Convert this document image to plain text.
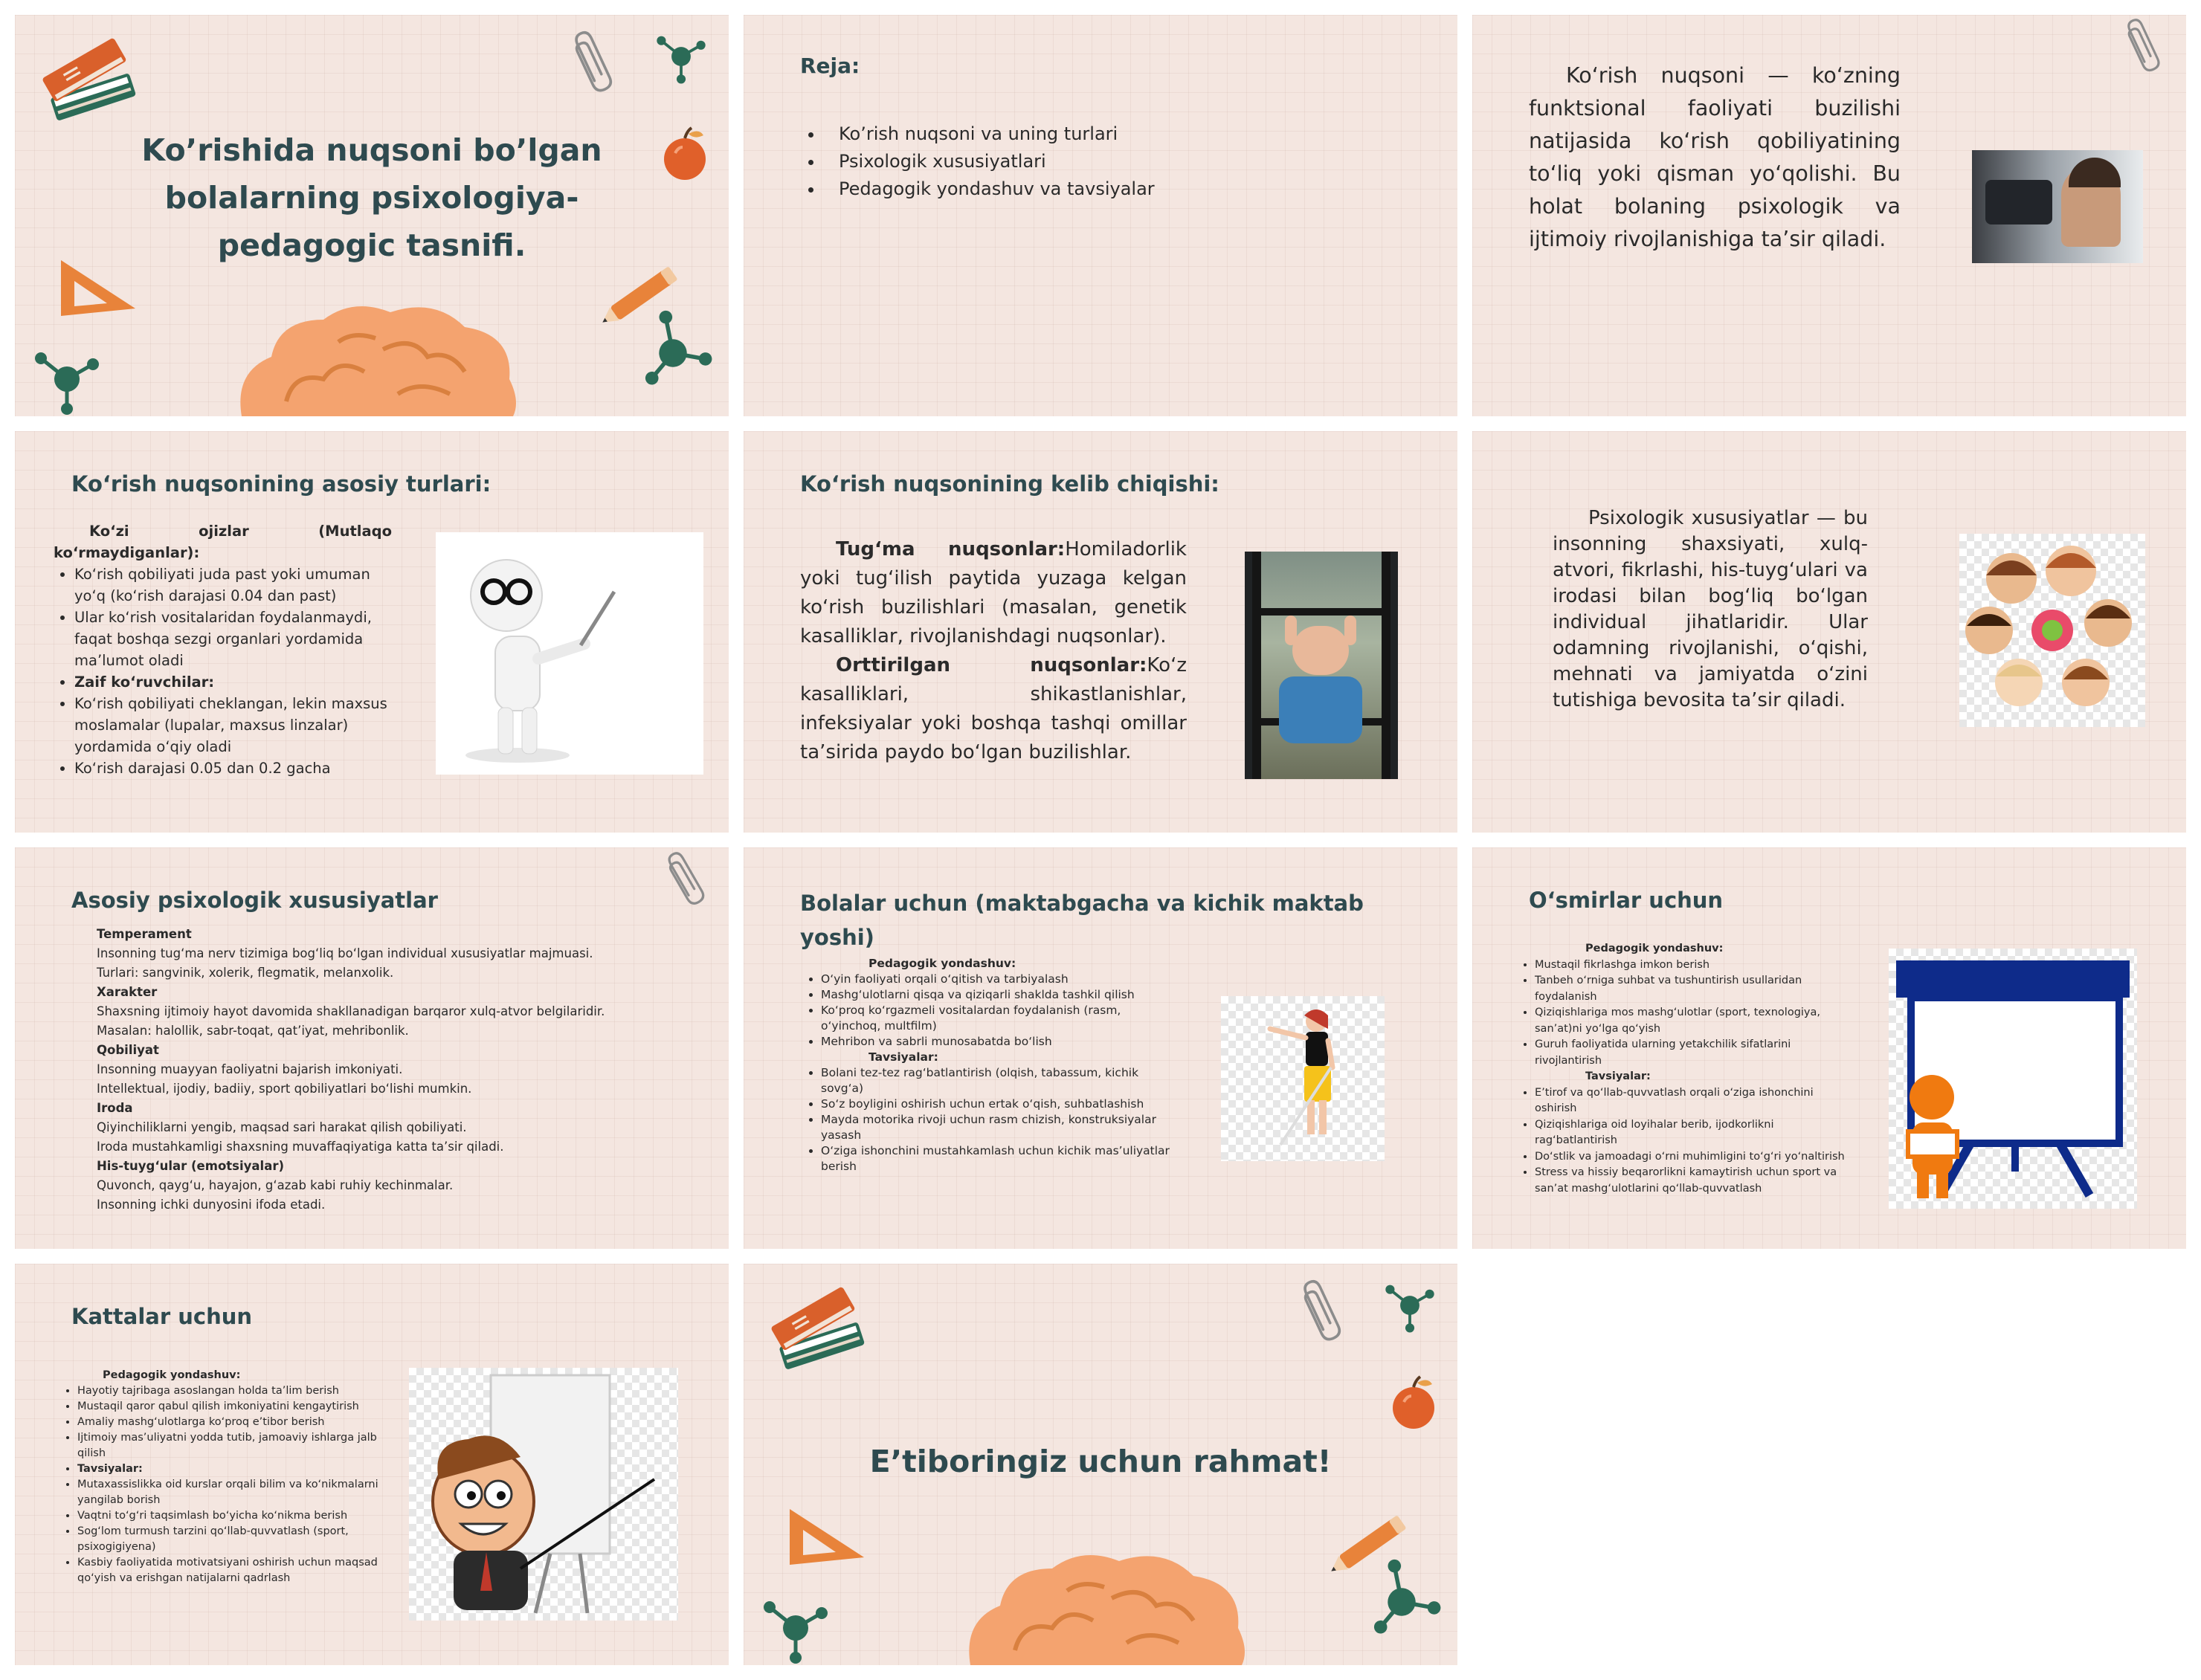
Ko’rishida nuqsoni bo’lgan
bolalarning psixologiya-
pedagogic tasnifi.
Reja:
• Ko’rish nuqsoni va uning turlari
• Psixologik xususiyatlari
• Pedagogik yondashuv va tavsiyalar
Ko‘rish nuqsoni — ko‘zning funktsional faoliyati buzilishi natijasida ko‘rish qobiliyatining to‘liq yoki qisman yo‘qolishi. Bu holat bolaning psixologik va ijtimoiy rivojlanishiga ta’sir qiladi.
Ko‘rish nuqsonining asosiy turlari:
Ko‘zi ojizlar (Mutlaqo ko‘rmaydiganlar):
• Ko‘rish qobiliyati juda past yoki umuman yo‘q (ko‘rish darajasi 0.04 dan past)
• Ular ko‘rish vositalaridan foydalanmaydi, faqat boshqa sezgi organlari yordamida ma’lumot oladi
• Zaif ko‘ruvchilar:
• Ko‘rish qobiliyati cheklangan, lekin maxsus moslamalar (lupalar, maxsus linzalar) yordamida o‘qiy oladi
• Ko‘rish darajasi 0.05 dan 0.2 gacha
Ko‘rish nuqsonining kelib chiqishi:
Tug‘ma nuqsonlar:Homiladorlik yoki tug‘ilish paytida yuzaga kelgan ko‘rish buzilishlari (masalan, genetik kasalliklar, rivojlanishdagi nuqsonlar).
Orttirilgan nuqsonlar:Ko‘z kasalliklari, shikastlanishlar, infeksiyalar yoki boshqa tashqi omillar ta’sirida paydo bo‘lgan buzilishlar.
Psixologik xususiyatlar — bu insonning shaxsiyati, xulq-atvori, fikrlashi, his-tuyg‘ulari va irodasi bilan bog‘liq bo‘lgan individual jihatlaridir. Ular odamning rivojlanishi, o‘qishi, mehnati va jamiyatda o‘zini tutishiga bevosita ta’sir qiladi.
Asosiy psixologik xususiyatlar
Temperament
Insonning tug‘ma nerv tizimiga bog‘liq bo‘lgan individual xususiyatlar majmuasi.
Turlari: sangvinik, xolerik, flegmatik, melanxolik.
Xarakter
Shaxsning ijtimoiy hayot davomida shakllanadigan barqaror xulq-atvor belgilaridir.
Masalan: halollik, sabr-toqat, qat’iyat, mehribonlik.
Qobiliyat
Insonning muayyan faoliyatni bajarish imkoniyati.
Intellektual, ijodiy, badiiy, sport qobiliyatlari bo‘lishi mumkin.
Iroda
Qiyinchiliklarni yengib, maqsad sari harakat qilish qobiliyati.
Iroda mustahkamligi shaxsning muvaffaqiyatiga katta ta’sir qiladi.
His-tuyg‘ular (emotsiyalar)
Quvonch, qayg‘u, hayajon, g‘azab kabi ruhiy kechinmalar.
Insonning ichki dunyosini ifoda etadi.
Bolalar uchun (maktabgacha va kichik maktab yoshi)
Pedagogik yondashuv:
• O‘yin faoliyati orqali o‘qitish va tarbiyalash
• Mashg‘ulotlarni qisqa va qiziqarli shaklda tashkil qilish
• Ko‘proq ko‘rgazmeli vositalardan foydalanish (rasm, o‘yinchoq, multfilm)
• Mehribon va sabrli munosabatda bo‘lish
Tavsiyalar:
• Bolani tez-tez rag‘batlantirish (olqish, tabassum, kichik sovg‘a)
• So‘z boyligini oshirish uchun ertak o‘qish, suhbatlashish
• Mayda motorika rivoji uchun rasm chizish, konstruksiyalar yasash
• O‘ziga ishonchini mustahkamlash uchun kichik mas’uliyatlar berish
O‘smirlar uchun
Pedagogik yondashuv:
• Mustaqil fikrlashga imkon berish
• Tanbeh o‘rniga suhbat va tushuntirish usullaridan foydalanish
• Qiziqishlariga mos mashg‘ulotlar (sport, texnologiya, san’at)ni yo‘lga qo‘yish
• Guruh faoliyatida ularning yetakchilik sifatlarini rivojlantirish
Tavsiyalar:
• E’tirof va qo‘llab-quvvatlash orqali o‘ziga ishonchini oshirish
• Qiziqishlariga oid loyihalar berib, ijodkorlikni rag‘batlantirish
• Do‘stlik va jamoadagi o‘rni muhimligini to‘g‘ri yo‘naltirish
• Stress va hissiy beqarorlikni kamaytirish uchun sport va san’at mashg‘ulotlarini qo‘llab-quvvatlash
Kattalar uchun
Pedagogik yondashuv:
• Hayotiy tajribaga asoslangan holda ta’lim berish
• Mustaqil qaror qabul qilish imkoniyatini kengaytirish
• Amaliy mashg‘ulotlarga ko‘proq e’tibor berish
• Ijtimoiy mas’uliyatni yodda tutib, jamoaviy ishlarga jalb qilish
• Tavsiyalar:
• Mutaxassislikka oid kurslar orqali bilim va ko‘nikmalarni yangilab borish
• Vaqtni to‘g‘ri taqsimlash bo‘yicha ko‘nikma berish
• Sog‘lom turmush tarzini qo‘llab-quvvatlash (sport, psixogigiyena)
• Kasbiy faoliyatida motivatsiyani oshirish uchun maqsad qo‘yish va erishgan natijalarni qadrlash
E’tiboringiz uchun rahmat!
